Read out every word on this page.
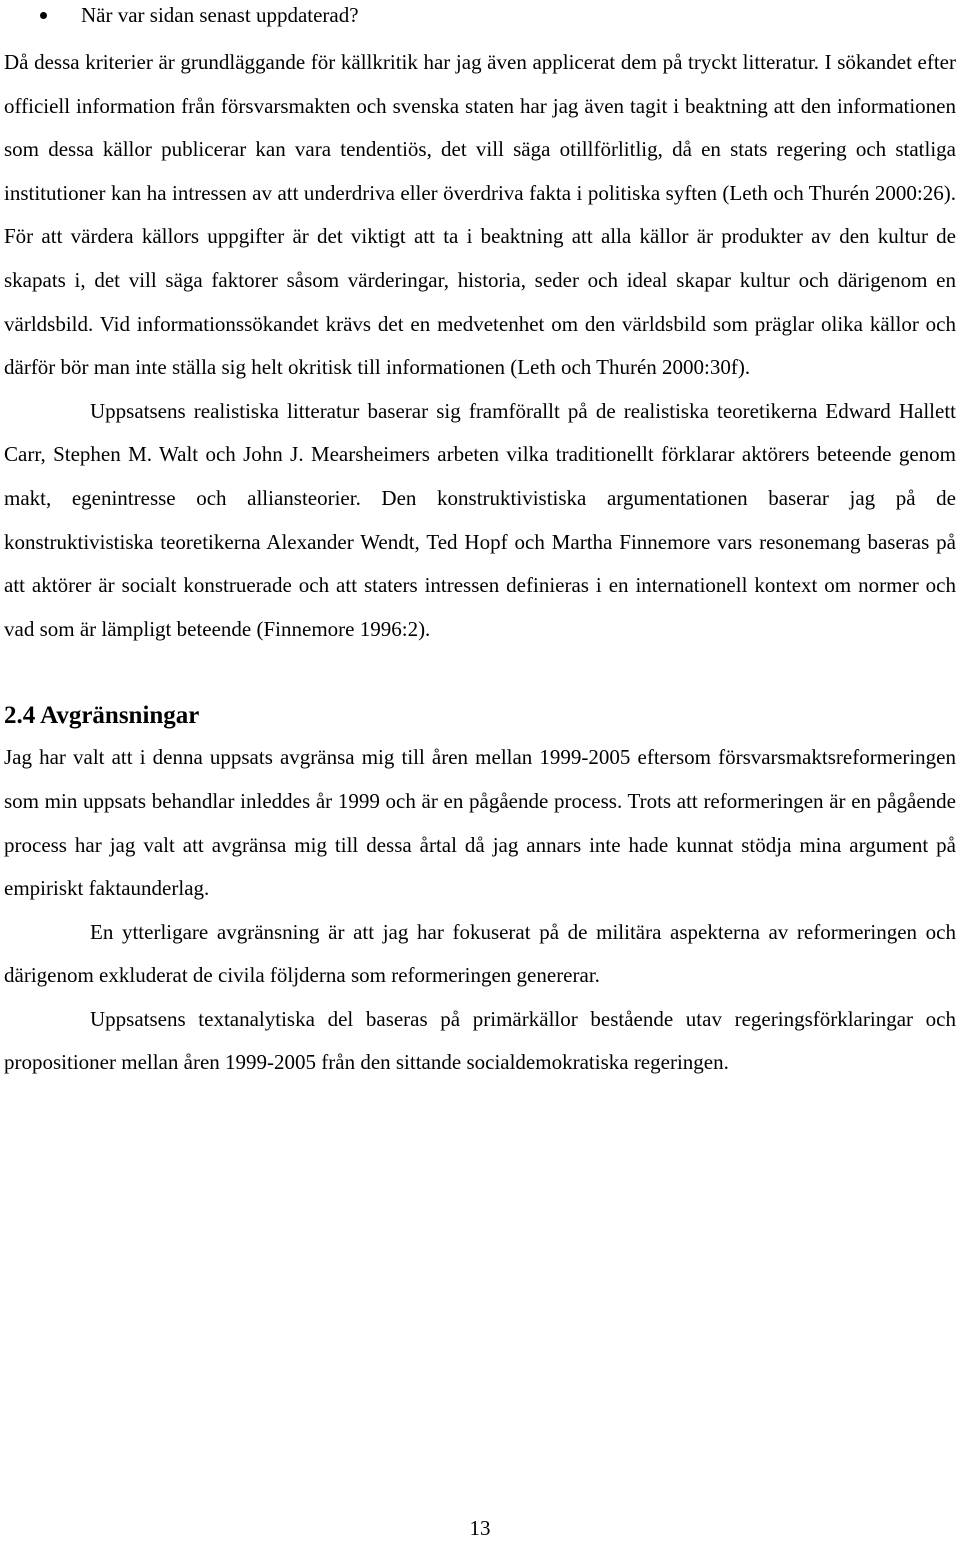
När var sidan senast uppdaterad?

Då dessa kriterier är grundläggande för källkritik har jag även applicerat dem på tryckt litteratur. I sökandet efter officiell information från försvarsmakten och svenska staten har jag även tagit i beaktning att den informationen som dessa källor publicerar kan vara tendentiös, det vill säga otillförlitlig, då en stats regering och statliga institutioner kan ha intressen av att underdriva eller överdriva fakta i politiska syften (Leth och Thurén 2000:26). För att värdera källors uppgifter är det viktigt att ta i beaktning att alla källor är produkter av den kultur de skapats i, det vill säga faktorer såsom värderingar, historia, seder och ideal skapar kultur och därigenom en världsbild. Vid informationssökandet krävs det en medvetenhet om den världsbild som präglar olika källor och därför bör man inte ställa sig helt okritisk till informationen (Leth och Thurén 2000:30f).

Uppsatsens realistiska litteratur baserar sig framförallt på de realistiska teoretikerna Edward Hallett Carr, Stephen M. Walt och John J. Mearsheimers arbeten vilka traditionellt förklarar aktörers beteende genom makt, egenintresse och alliansteorier. Den konstruktivistiska argumentationen baserar jag på de konstruktivistiska teoretikerna Alexander Wendt, Ted Hopf och Martha Finnemore vars resonemang baseras på att aktörer är socialt konstruerade och att staters intressen definieras i en internationell kontext om normer och vad som är lämpligt beteende (Finnemore 1996:2).

2.4 Avgränsningar

Jag har valt att i denna uppsats avgränsa mig till åren mellan 1999-2005 eftersom försvarsmaktsreformeringen som min uppsats behandlar inleddes år 1999 och är en pågående process. Trots att reformeringen är en pågående process har jag valt att avgränsa mig till dessa årtal då jag annars inte hade kunnat stödja mina argument på empiriskt faktaunderlag.

En ytterligare avgränsning är att jag har fokuserat på de militära aspekterna av reformeringen och därigenom exkluderat de civila följderna som reformeringen genererar.

Uppsatsens textanalytiska del baseras på primärkällor bestående utav regeringsförklaringar och propositioner mellan åren 1999-2005 från den sittande socialdemokratiska regeringen.

13
